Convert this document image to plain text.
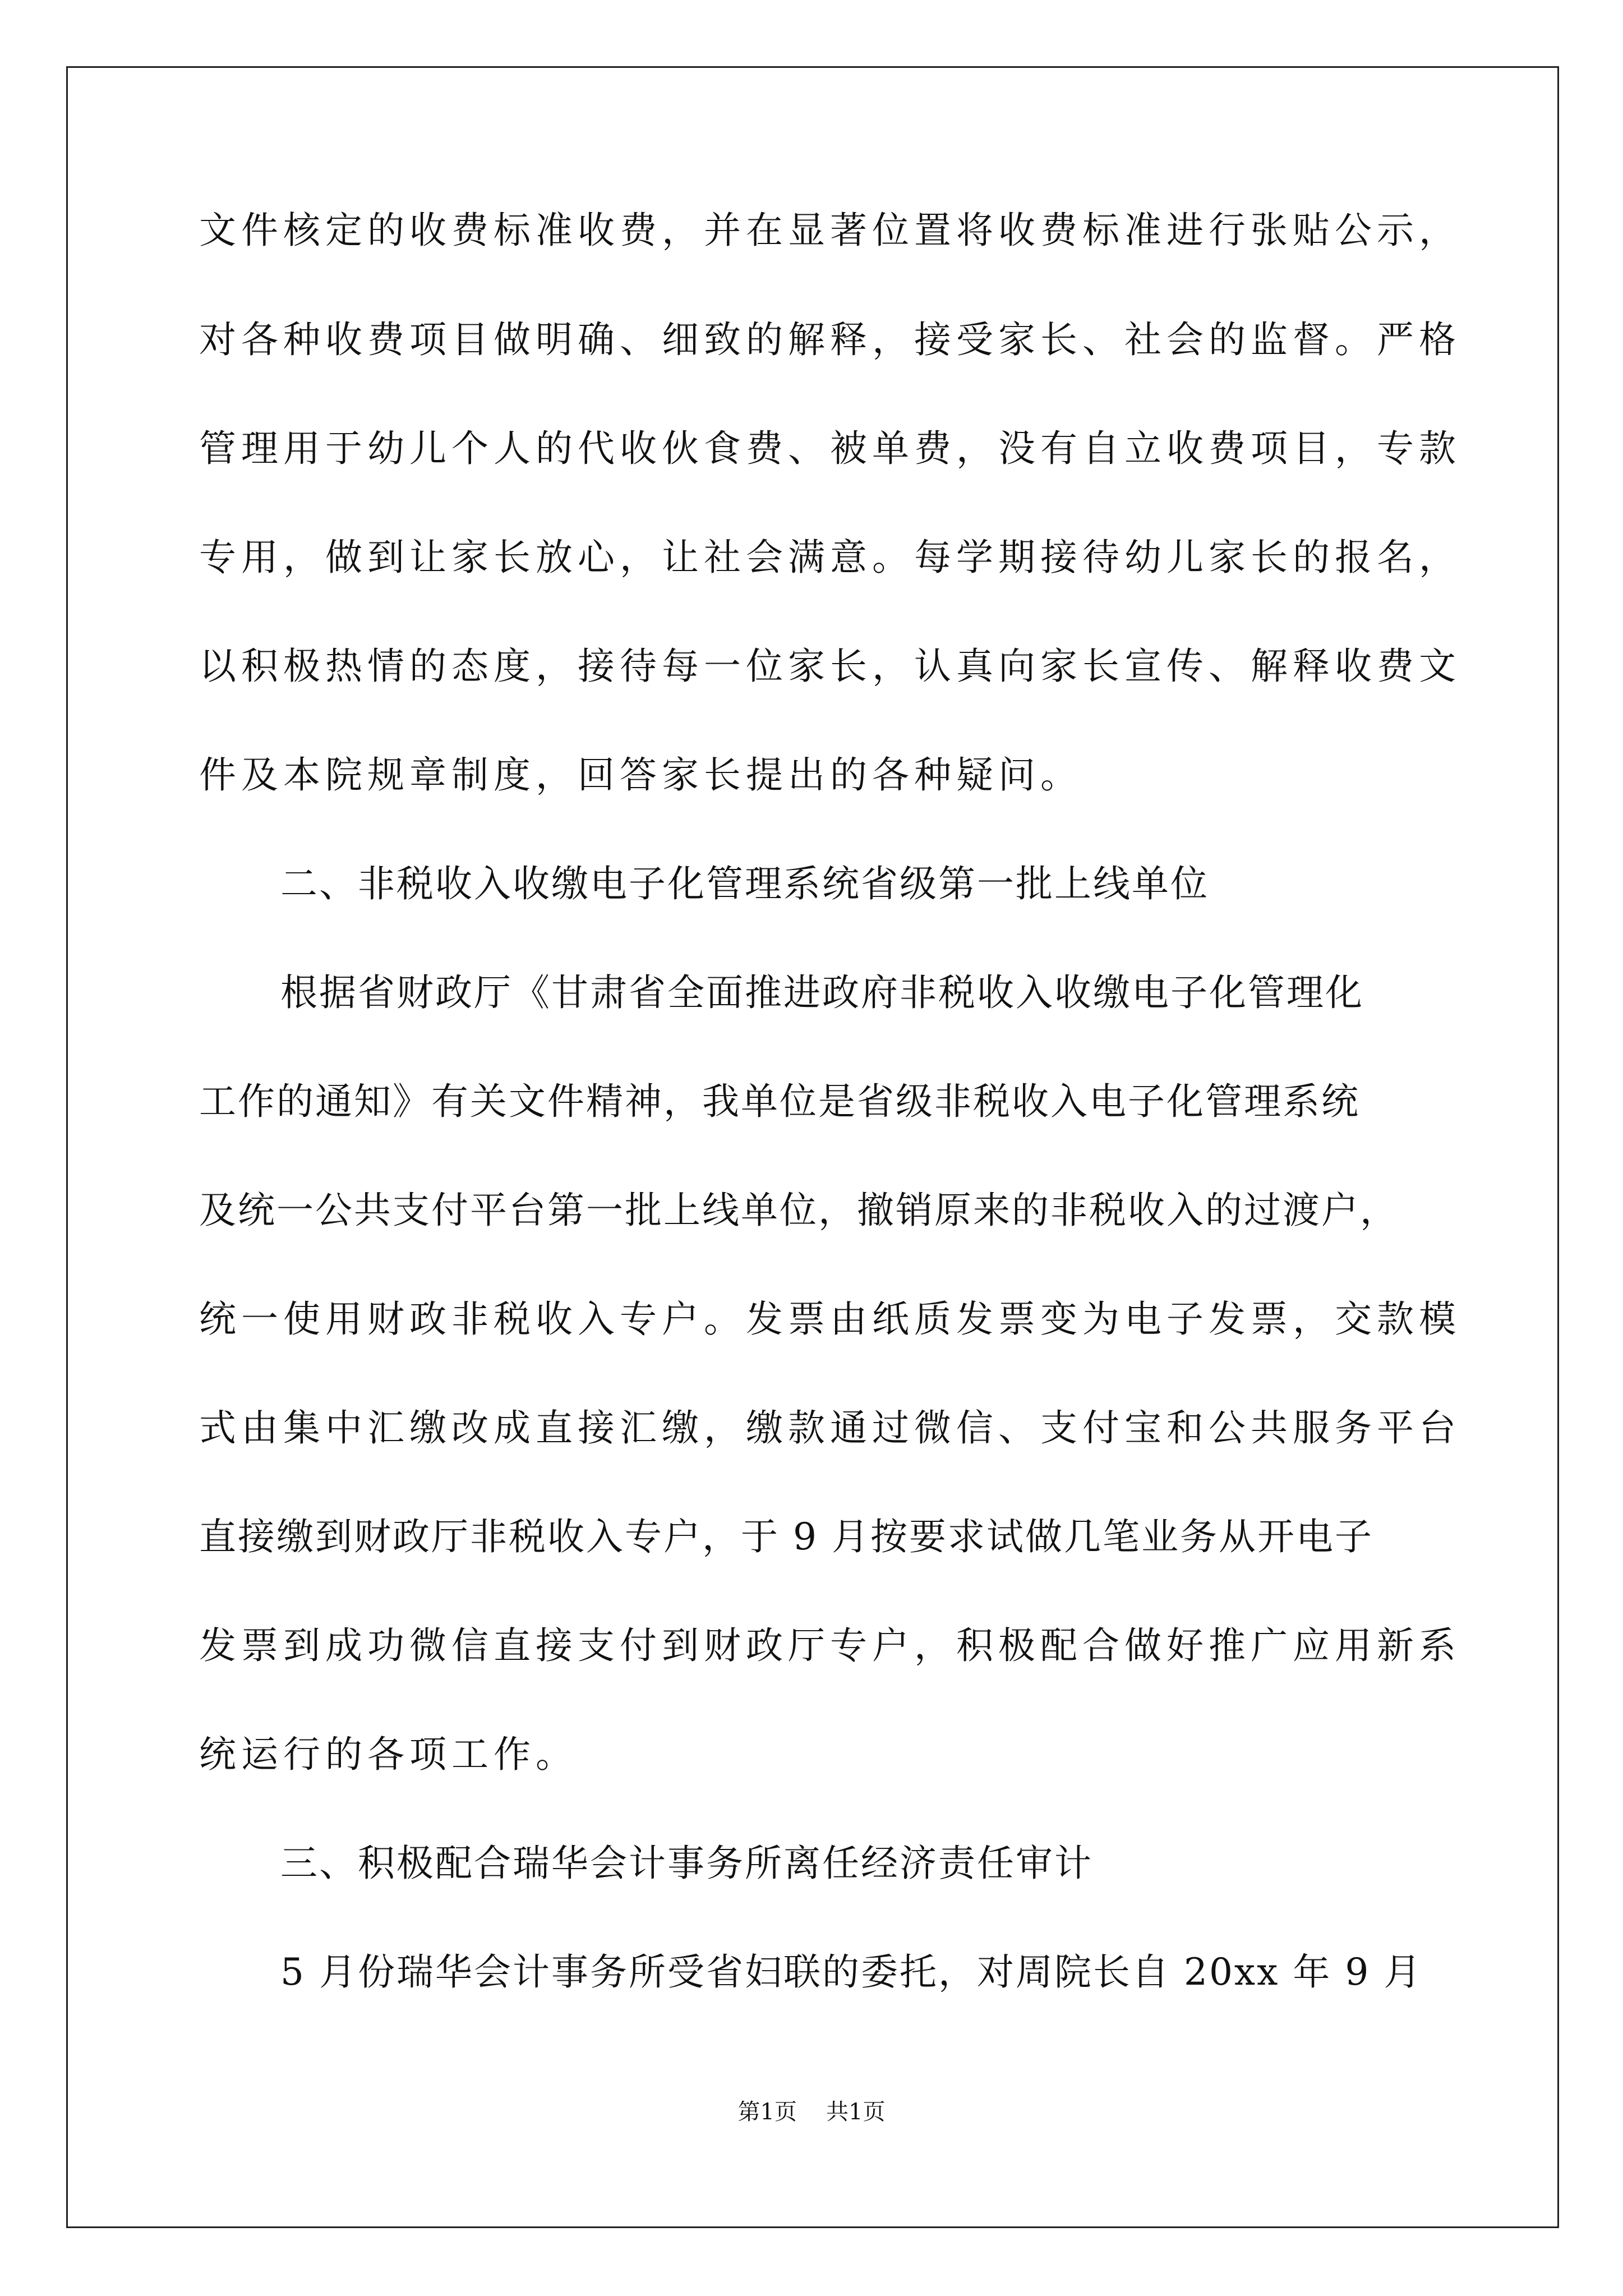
文件核定的收费标准收费，并在显著位置将收费标准进行张贴公示，
对各种收费项目做明确、细致的解释，接受家长、社会的监督。严格
管理用于幼儿个人的代收伙食费、被单费，没有自立收费项目，专款
专用，做到让家长放心，让社会满意。每学期接待幼儿家长的报名，
以积极热情的态度，接待每一位家长，认真向家长宣传、解释收费文
件及本院规章制度，回答家长提出的各种疑问。
二、非税收入收缴电子化管理系统省级第一批上线单位
根据省财政厅《甘肃省全面推进政府非税收入收缴电子化管理化
工作的通知》有关文件精神，我单位是省级非税收入电子化管理系统
及统一公共支付平台第一批上线单位，撤销原来的非税收入的过渡户，
统一使用财政非税收入专户。发票由纸质发票变为电子发票，交款模
式由集中汇缴改成直接汇缴，缴款通过微信、支付宝和公共服务平台
直接缴到财政厅非税收入专户，于 9 月按要求试做几笔业务从开电子
发票到成功微信直接支付到财政厅专户，积极配合做好推广应用新系
统运行的各项工作。
三、积极配合瑞华会计事务所离任经济责任审计
5 月份瑞华会计事务所受省妇联的委托，对周院长自 20xx 年 9 月
第1页 共1页
